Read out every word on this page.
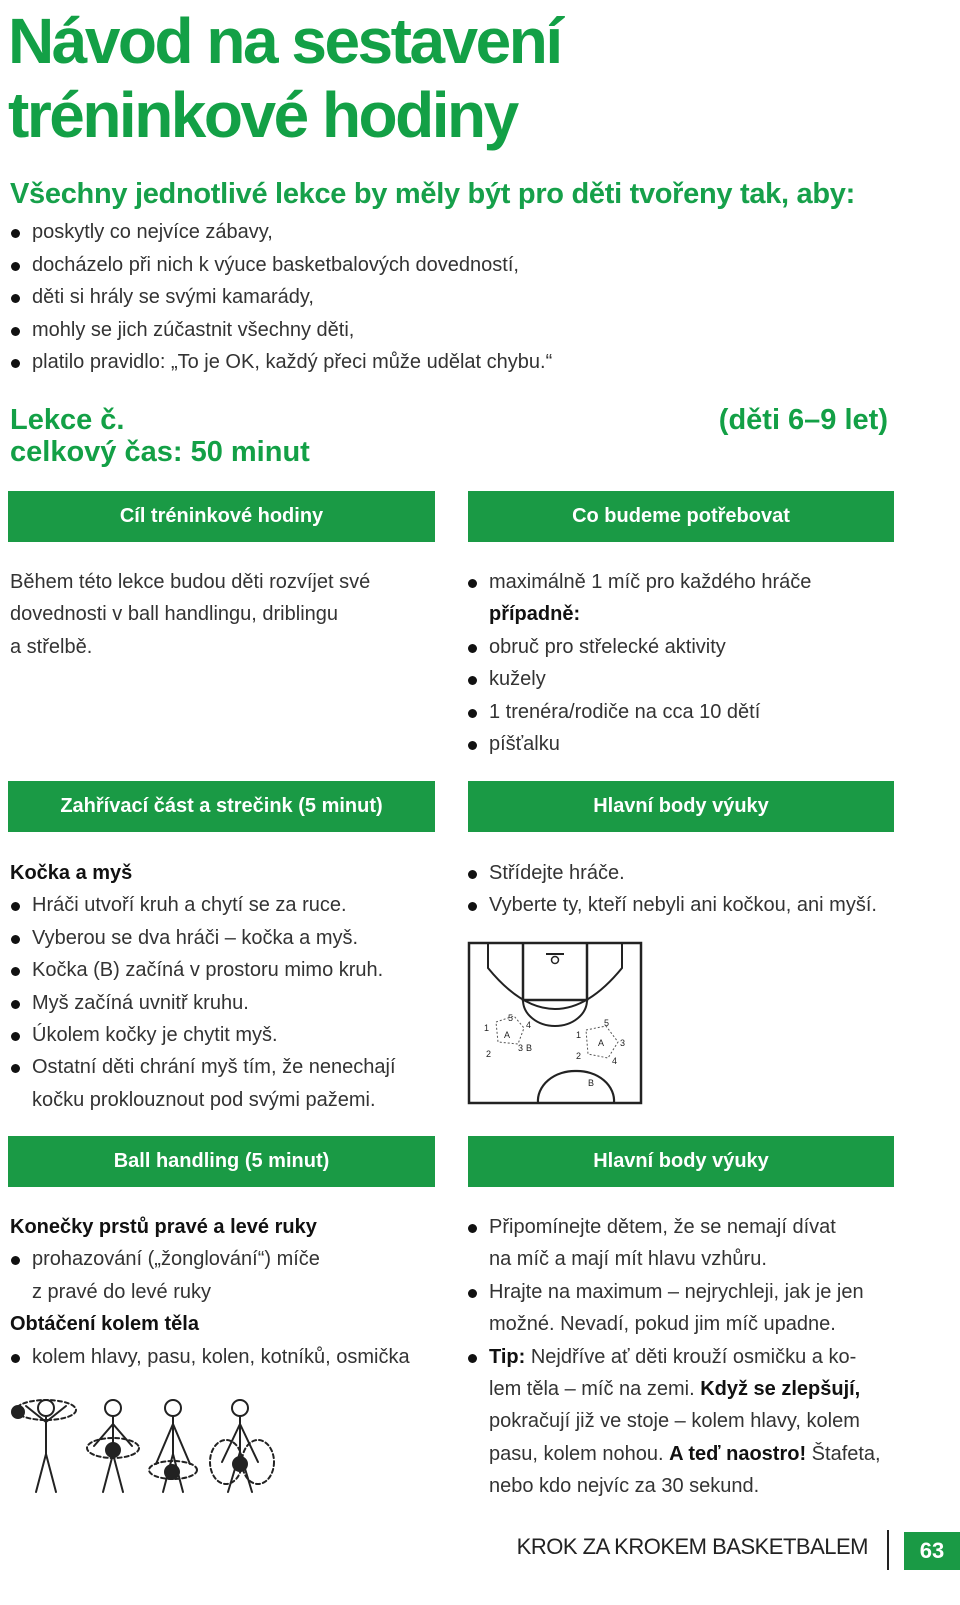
Návod na sestavení
tréninkové hodiny
Všechny jednotlivé lekce by měly být pro děti tvořeny tak, aby:
poskytly co nejvíce zábavy,
docházelo při nich k výuce basketbalových dovedností,
děti si hrály se svými kamarády,
mohly se jich zúčastnit všechny děti,
platilo pravidlo: „To je OK, každý přeci může udělat chybu.“
Lekce č.
celkový čas: 50 minut
(děti 6–9 let)
Cíl tréninkové hodiny	Co budeme potřebovat

Během této lekce budou děti rozvíjet své

dovednosti v ball handlingu, driblingu

a střelbě.

maximálně 1 míč pro každého hráče

případně:

obruč pro střelecké aktivity
kužely
1 trenéra/rodiče na cca 10 dětí
píšťalku
Zahřívací část a strečink (5 minut)	Hlavní body výuky

Kočka a myš

Hráči utvoří kruh a chytí se za ruce.
Vyberou se dva hráči – kočka a myš.
Kočka (B) začíná v prostoru mimo kruh.
Myš začíná uvnitř kruhu.
Úkolem kočky je chytit myš.
Ostatní děti chrání myš tím, že nenechají
kočku proklouznout pod svými pažemi.
Střídejte hráče.
Vyberte ty, kteří nebyli ani kočkou, ani myší.
1
2
3
4
5
A
B	A
B
1
2
3
4
5
Ball handling (5 minut)	Hlavní body výuky

Konečky prstů pravé a levé ruky

prohazování („žonglování“) míče
z pravé do levé ruky

Obtáčení kolem těla

kolem hlavy, pasu, kolen, kotníků, osmička
Připomínejte dětem, že se nemají dívat
na míč a mají mít hlavu vzhůru.
Hrajte na maximum – nejrychleji, jak je jen
možné. Nevadí, pokud jim míč upadne.
Tip: Nejdříve ať děti krouží osmičku a ko-
lem těla – míč na zemi. Když se zlepšují,
pokračují již ve stoje – kolem hlavy, kolem
pasu, kolem nohou. A teď naostro! Štafeta,
nebo kdo nejvíc za 30 sekund.
KROK ZA KROKEM BASKETBALEM	63
